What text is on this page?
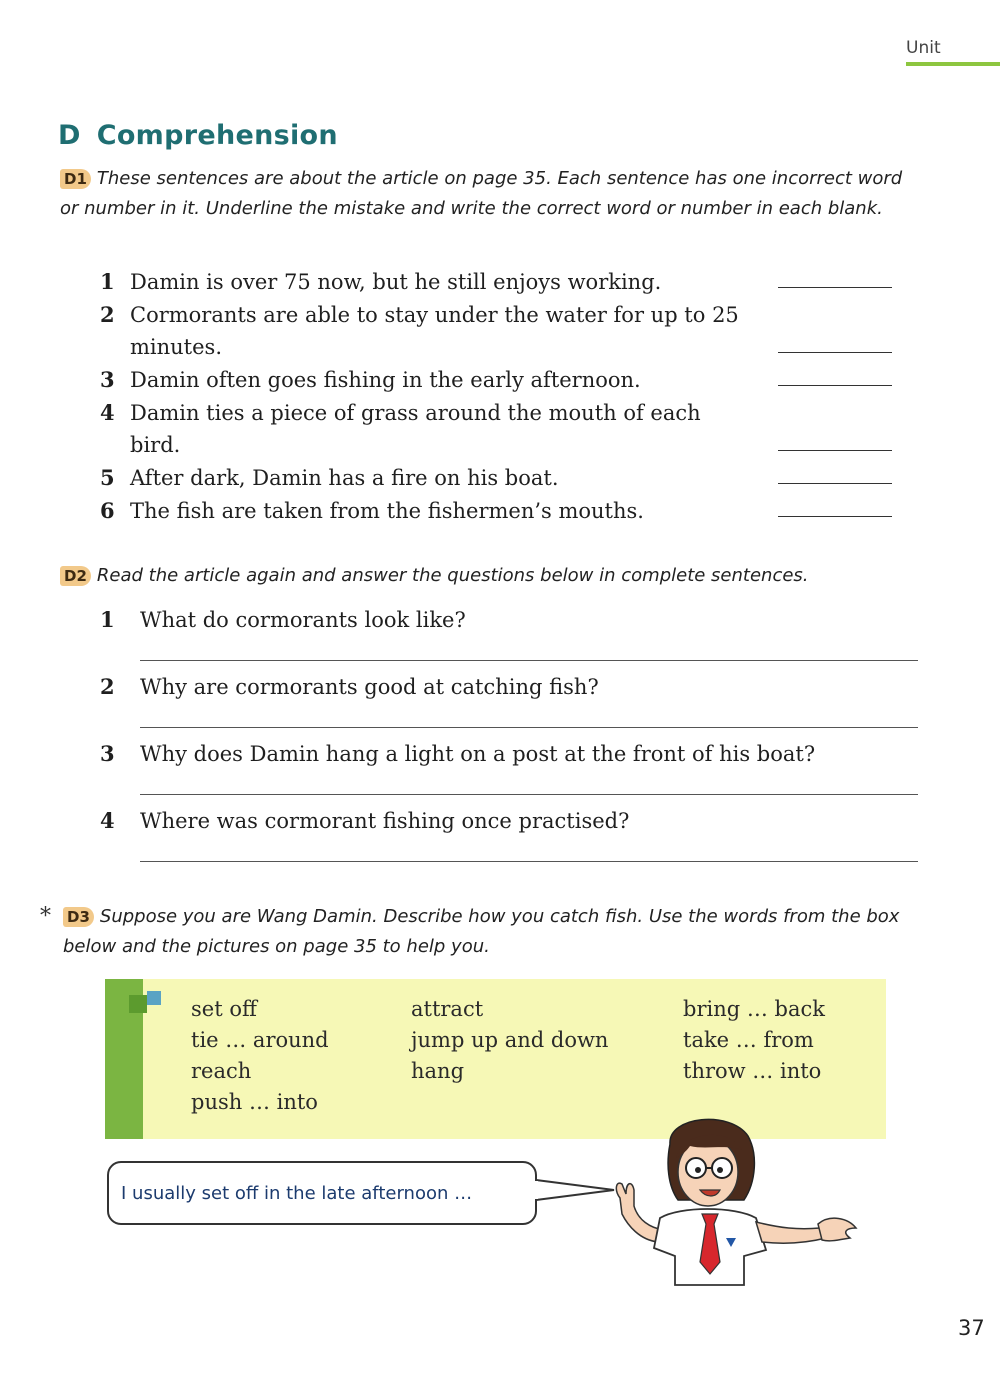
Unit
D Comprehension

D1 These sentences are about the article on page 35. Each sentence has one incorrect word or number in it. Underline the mistake and write the correct word or number in each blank.

1 Damin is over 75 now, but he still enjoys working.
2 Cormorants are able to stay under the water for up to 25 minutes.
3 Damin often goes fishing in the early afternoon.
4 Damin ties a piece of grass around the mouth of each bird.
5 After dark, Damin has a fire on his boat.
6 The fish are taken from the fishermen’s mouths.

D2 Read the article again and answer the questions below in complete sentences.

1 What do cormorants look like?
2 Why are cormorants good at catching fish?
3 Why does Damin hang a light on a post at the front of his boat?
4 Where was cormorant fishing once practised?
* D3 Suppose you are Wang Damin. Describe how you catch fish. Use the words from the box below and the pictures on page 35 to help you.

set off
tie … around
reach
push … into
attract
jump up and down
hang
bring … back
take … from
throw … into
I usually set off in the late afternoon …
37
